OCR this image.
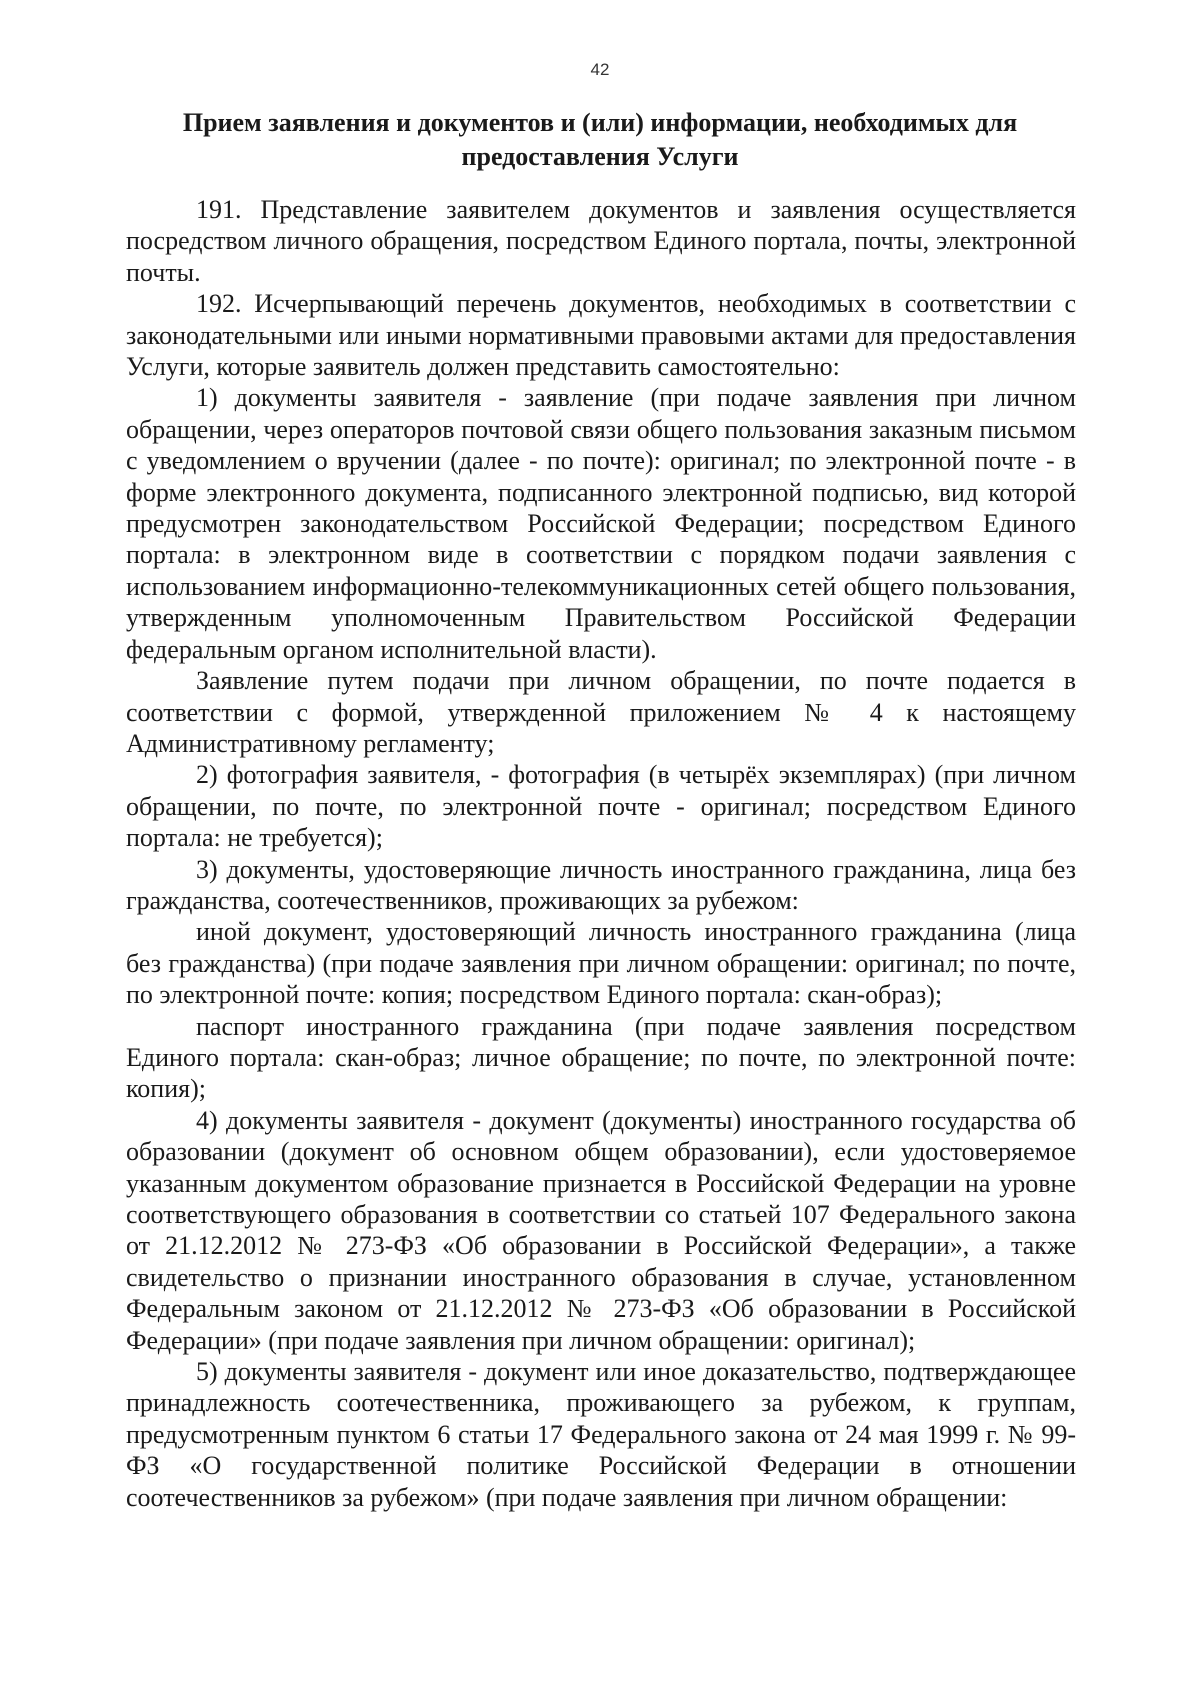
42
Прием заявления и документов и (или) информации, необходимых для предоставления Услуги

191. Представление заявителем документов и заявления осуществляется посредством личного обращения, посредством Единого портала, почты, электронной почты.

192. Исчерпывающий перечень документов, необходимых в соответствии с законодательными или иными нормативными правовыми актами для предоставления Услуги, которые заявитель должен представить самостоятельно:

1) документы заявителя - заявление (при подаче заявления при личном обращении, через операторов почтовой связи общего пользования заказным письмом с уведомлением о вручении (далее - по почте): оригинал; по электронной почте - в форме электронного документа, подписанного электронной подписью, вид которой предусмотрен законодательством Российской Федерации; посредством Единого портала: в электронном виде в соответствии с порядком подачи заявления с использованием информационно-телекоммуникационных сетей общего пользования, утвержденным уполномоченным Правительством Российской Федерации федеральным органом исполнительной власти).

Заявление путем подачи при личном обращении, по почте подается в соответствии с формой, утвержденной приложением № 4 к настоящему Административному регламенту;

2) фотография заявителя, - фотография (в четырёх экземплярах) (при личном обращении, по почте, по электронной почте - оригинал; посредством Единого портала: не требуется);

3) документы, удостоверяющие личность иностранного гражданина, лица без гражданства, соотечественников, проживающих за рубежом:

иной документ, удостоверяющий личность иностранного гражданина (лица без гражданства) (при подаче заявления при личном обращении: оригинал; по почте, по электронной почте: копия; посредством Единого портала: скан-образ);

паспорт иностранного гражданина (при подаче заявления посредством Единого портала: скан-образ; личное обращение; по почте, по электронной почте: копия);

4) документы заявителя - документ (документы) иностранного государства об образовании (документ об основном общем образовании), если удостоверяемое указанным документом образование признается в Российской Федерации на уровне соответствующего образования в соответствии со статьей 107 Федерального закона от 21.12.2012 № 273-ФЗ «Об образовании в Российской Федерации», а также свидетельство о признании иностранного образования в случае, установленном Федеральным законом от 21.12.2012 № 273-ФЗ «Об образовании в Российской Федерации» (при подаче заявления при личном обращении: оригинал);

5) документы заявителя - документ или иное доказательство, подтверждающее принадлежность соотечественника, проживающего за рубежом, к группам, предусмотренным пунктом 6 статьи 17 Федерального закона от 24 мая 1999 г. № 99-ФЗ «О государственной политике Российской Федерации в отношении соотечественников за рубежом» (при подаче заявления при личном обращении:
